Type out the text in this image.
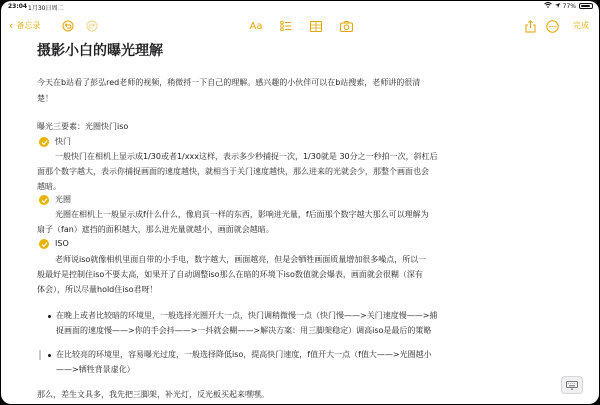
23:04 1月30日周二	77%
‹ 备忘录	Aa	完成
摄影小白的曝光理解
今天在b站看了彭弘red老师的视频，稍微捋一下自己的理解。感兴趣的小伙伴可以在b站搜索，老师讲的很清
楚！
曝光三要素：光圈快门iso
快门
一般快门在相机上显示成1/30或者1/xxx这样，表示多少秒捕捉一次，1/30就是 30分之一秒拍一次，斜杠后
面那个数字越大，表示你捕捉画面的速度越快，就相当于关门速度越快，那么进来的光就会少，那整个画面也会
越暗。
光圈
光圈在相机上一般显示成f什么什么，像肩頁一样的东西，影响进光量，f后面那个数字越大那么可以理解为
扇子（fan）遮挡的面积越大，那么进光量就越小，画面就会越暗。
ISO
老师说iso就像相机里面自带的小手电，数字越大，画面越亮，但是会牺牲画面质量增加很多噪点，所以一
般最好是控制住iso不要太高，如果开了自动调整iso那么在暗的环境下iso数值就会爆表，画面就会很糊（深有
体会），所以尽量hold住iso君呀！
在晚上或者比较暗的环境里，一般选择光圈开大一点，快门调稍微慢一点（快门慢——>关门速度慢——>捕
捉画面的速度慢——>你的手会抖——>一抖就会糊——>解决方案：用三脚架稳定）调高iso是最后的策略
在比较亮的环境里，容易曝光过度，一般选择降低iso，提高快门速度，f值开大一点（f值大——>光圈越小
——>牺牲背景虚化）
那么，差生文具多，我先把三脚架，补光灯，反光板买起来嘿嘿。
